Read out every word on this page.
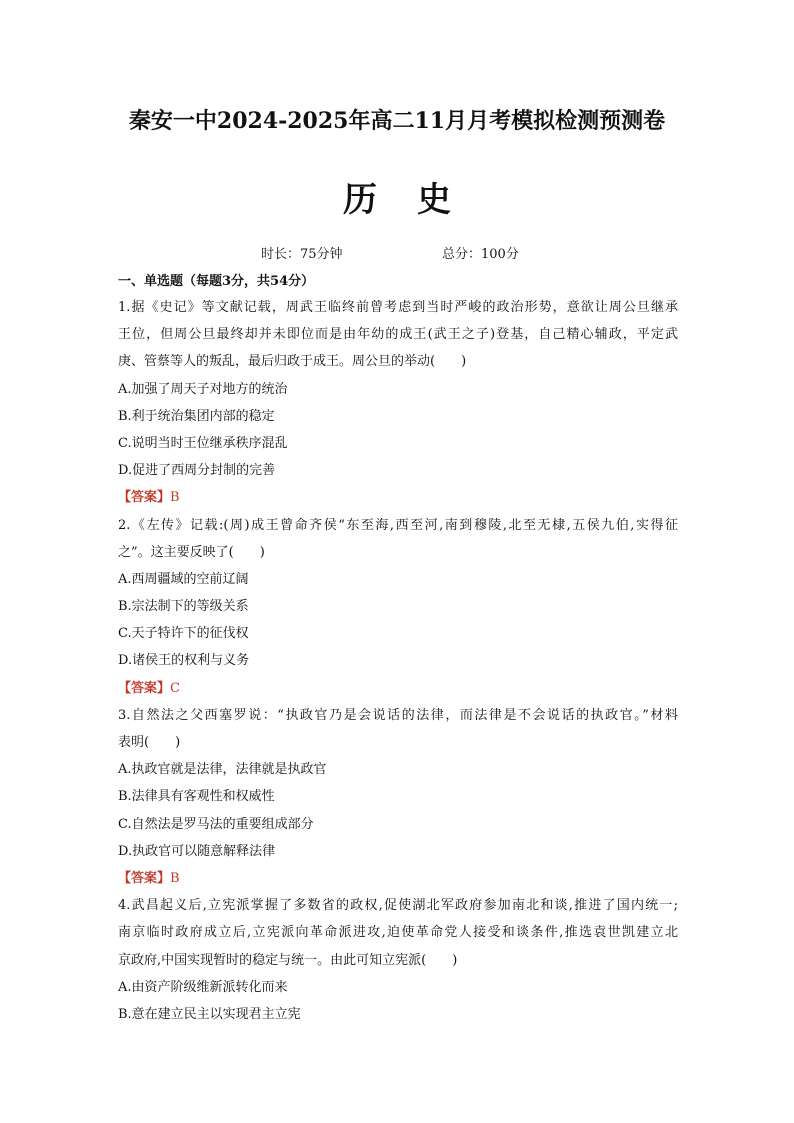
秦安一中2024-2025年高二11月月考模拟检测预测卷
历史
时长：75分钟	总分：100分
一、单选题（每题3分，共54分）
1.据《史记》等文献记载，周武王临终前曾考虑到当时严峻的政治形势，意欲让周公旦继承
王位，但周公旦最终却并未即位而是由年幼的成王(武王之子)登基，自己精心辅政，平定武
庚、管蔡等人的叛乱，最后归政于成王。周公旦的举动(　　)
A.加强了周天子对地方的统治
B.利于统治集团内部的稳定
C.说明当时王位继承秩序混乱
D.促进了西周分封制的完善
【答案】B
2.《左传》记载:(周)成王曾命齐侯“东至海,西至河,南到穆陵,北至无棣,五侯九伯,实得征
之”。这主要反映了(　　)
A.西周疆域的空前辽阔
B.宗法制下的等级关系
C.天子特许下的征伐权
D.诸侯王的权利与义务
【答案】C
3.自然法之父西塞罗说：“执政官乃是会说话的法律，而法律是不会说话的执政官。”材料
表明(　　)
A.执政官就是法律，法律就是执政官
B.法律具有客观性和权威性
C.自然法是罗马法的重要组成部分
D.执政官可以随意解释法律
【答案】B
4.武昌起义后,立宪派掌握了多数省的政权,促使湖北军政府参加南北和谈,推进了国内统一;
南京临时政府成立后,立宪派向革命派进攻,迫使革命党人接受和谈条件,推选袁世凯建立北
京政府,中国实现暂时的稳定与统一。由此可知立宪派(　　)
A.由资产阶级维新派转化而来
B.意在建立民主以实现君主立宪
